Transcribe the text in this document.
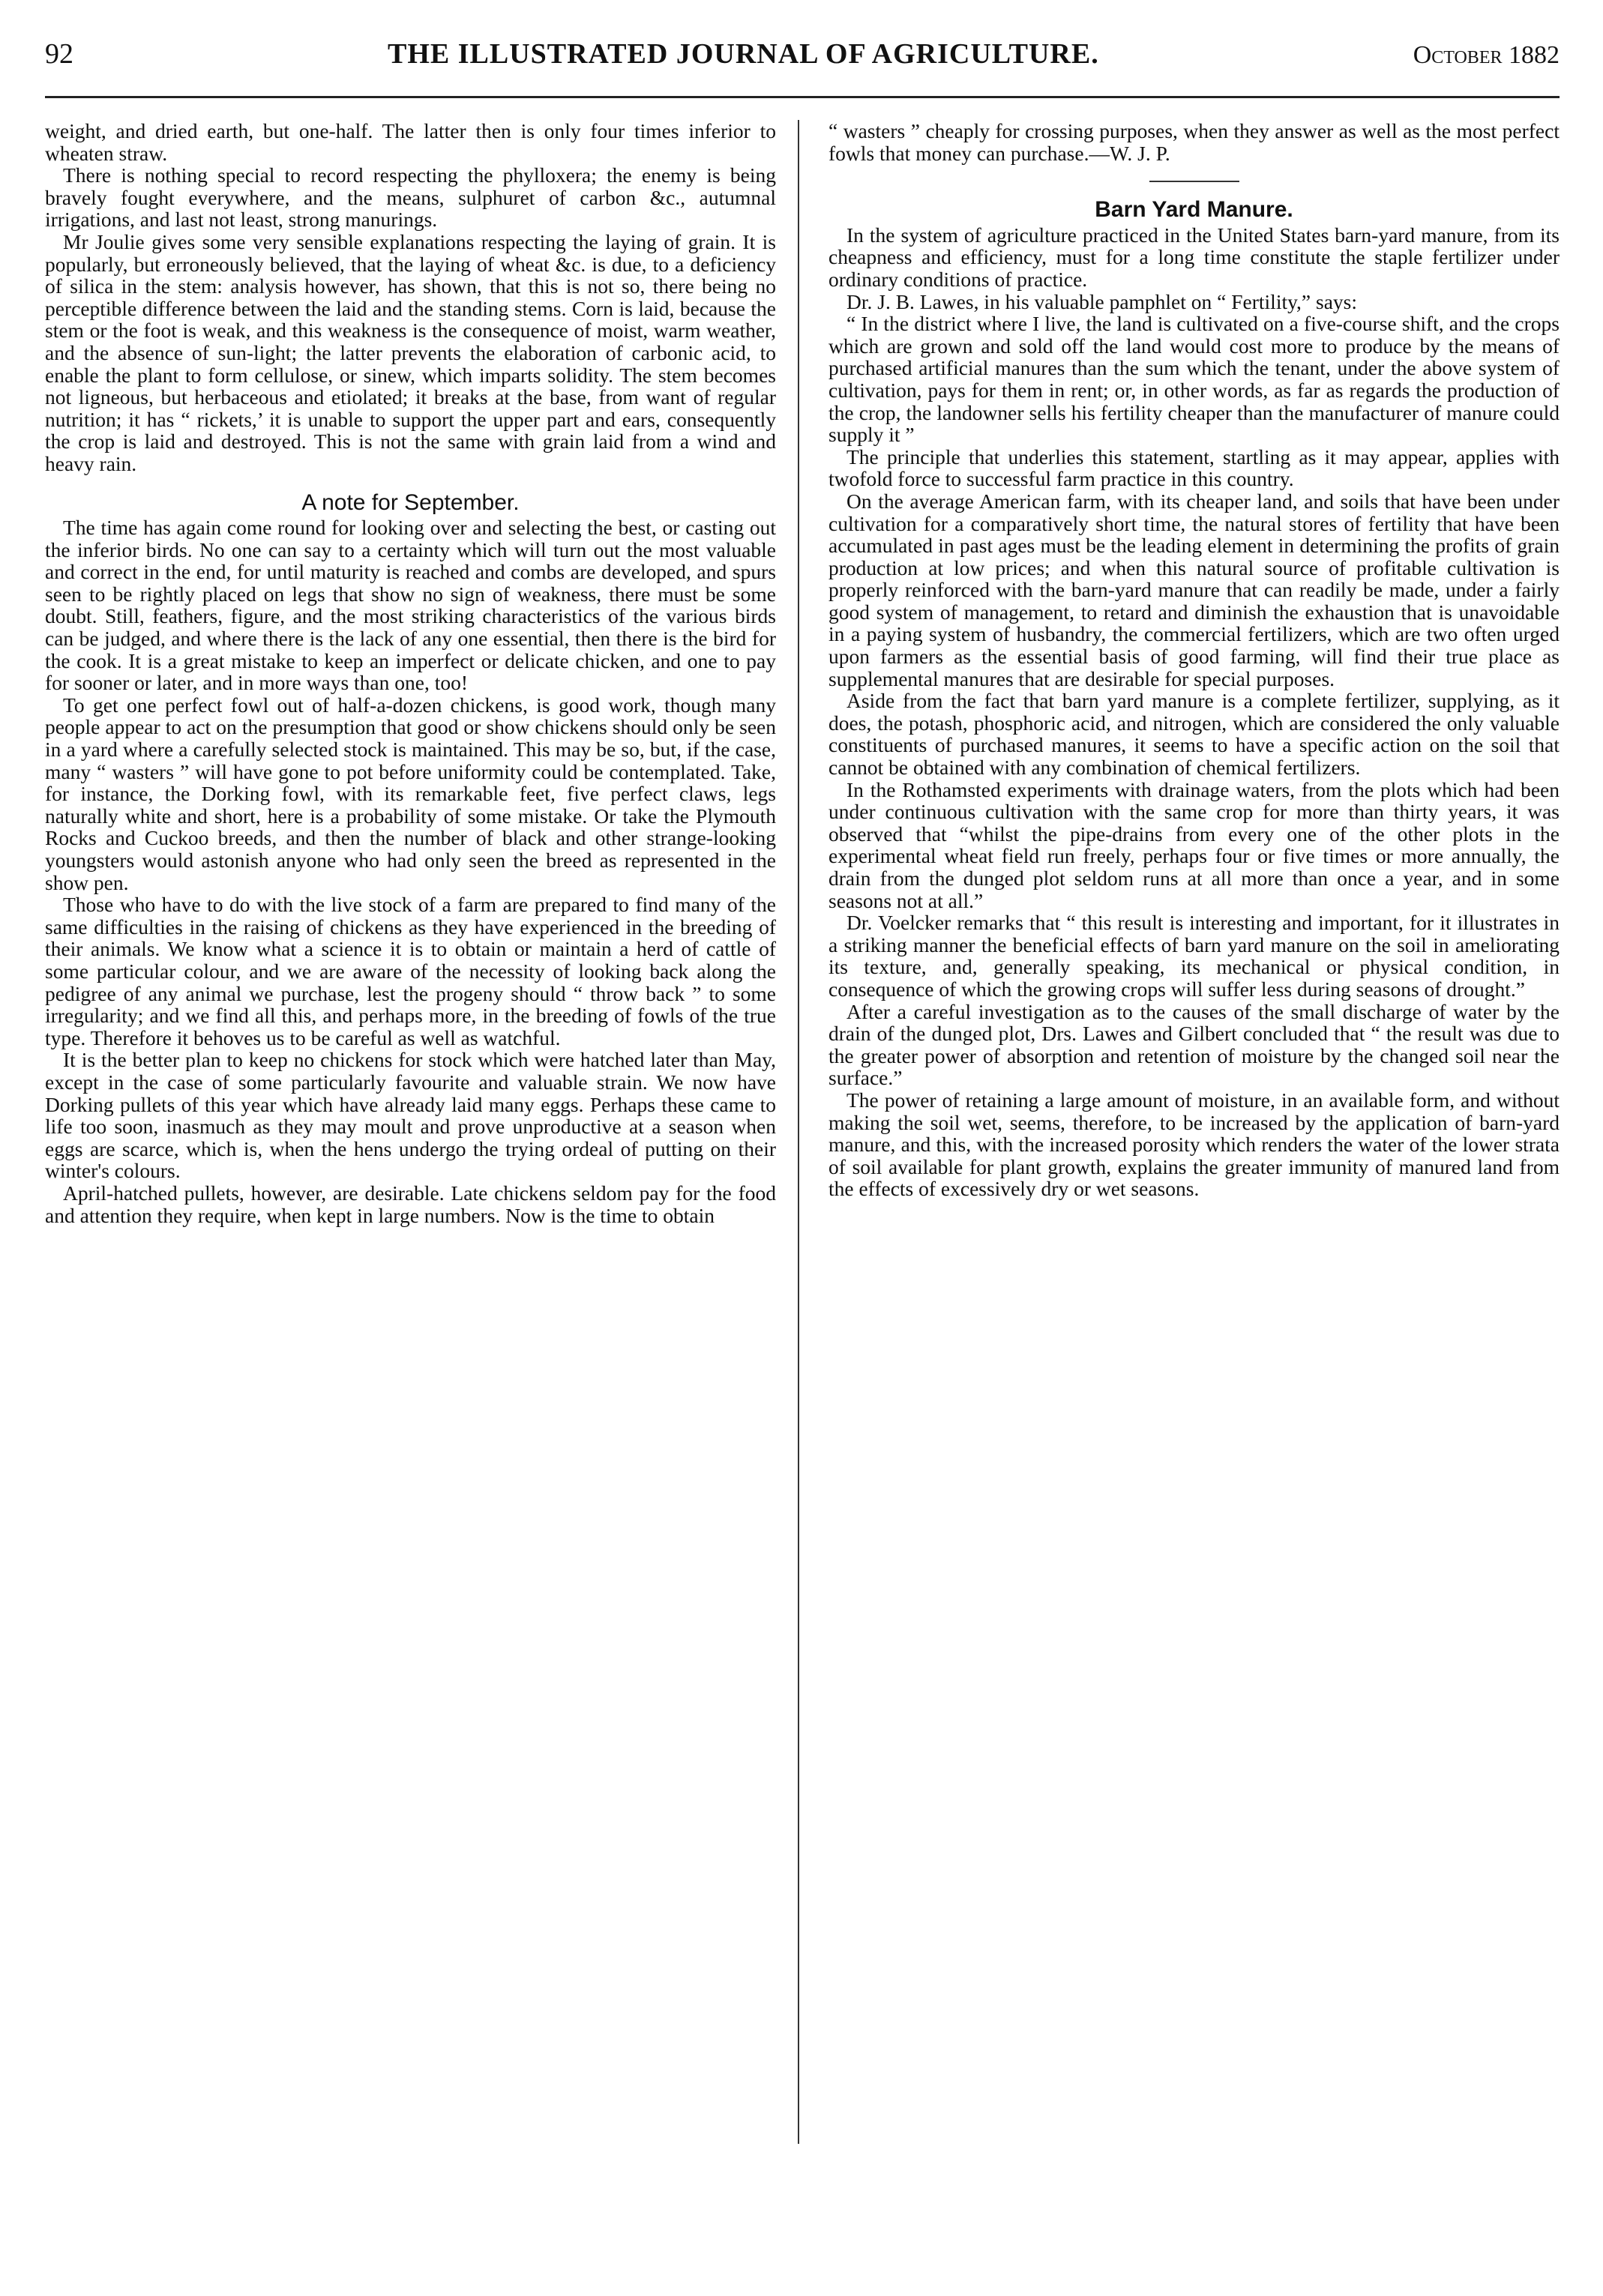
92	THE ILLUSTRATED JOURNAL OF AGRICULTURE.	October 1882

weight, and dried earth, but one-half. The latter then is only four times inferior to wheaten straw.

There is nothing special to record respecting the phylloxera; the enemy is being bravely fought everywhere, and the means, sulphuret of carbon &c., autumnal irrigations, and last not least, strong manurings.

Mr Joulie gives some very sensible explanations respecting the laying of grain. It is popularly, but erroneously believed, that the laying of wheat &c. is due, to a deficiency of silica in the stem: analysis however, has shown, that this is not so, there being no perceptible difference between the laid and the standing stems. Corn is laid, because the stem or the foot is weak, and this weakness is the consequence of moist, warm weather, and the absence of sun-light; the latter prevents the elaboration of carbonic acid, to enable the plant to form cellulose, or sinew, which imparts solidity. The stem becomes not ligneous, but herbaceous and etiolated; it breaks at the base, from want of regular nutrition; it has “ rickets,’ it is unable to support the upper part and ears, consequently the crop is laid and destroyed. This is not the same with grain laid from a wind and heavy rain.

A note for September.

The time has again come round for looking over and selecting the best, or casting out the inferior birds. No one can say to a certainty which will turn out the most valuable and correct in the end, for until maturity is reached and combs are developed, and spurs seen to be rightly placed on legs that show no sign of weakness, there must be some doubt. Still, feathers, figure, and the most striking characteristics of the various birds can be judged, and where there is the lack of any one essential, then there is the bird for the cook. It is a great mistake to keep an imperfect or delicate chicken, and one to pay for sooner or later, and in more ways than one, too!

To get one perfect fowl out of half-a-dozen chickens, is good work, though many people appear to act on the presumption that good or show chickens should only be seen in a yard where a carefully selected stock is maintained. This may be so, but, if the case, many “ wasters ” will have gone to pot before uniformity could be contemplated. Take, for instance, the Dorking fowl, with its remarkable feet, five perfect claws, legs naturally white and short, here is a probability of some mistake. Or take the Plymouth Rocks and Cuckoo breeds, and then the number of black and other strange-looking youngsters would astonish anyone who had only seen the breed as represented in the show pen.

Those who have to do with the live stock of a farm are prepared to find many of the same difficulties in the raising of chickens as they have experienced in the breeding of their animals. We know what a science it is to obtain or maintain a herd of cattle of some particular colour, and we are aware of the necessity of looking back along the pedigree of any animal we purchase, lest the progeny should “ throw back ” to some irregularity; and we find all this, and perhaps more, in the breeding of fowls of the true type. Therefore it behoves us to be careful as well as watchful.

It is the better plan to keep no chickens for stock which were hatched later than May, except in the case of some particularly favourite and valuable strain. We now have Dorking pullets of this year which have already laid many eggs. Perhaps these came to life too soon, inasmuch as they may moult and prove unproductive at a season when eggs are scarce, which is, when the hens undergo the trying ordeal of putting on their winter's colours.

April-hatched pullets, however, are desirable. Late chickens seldom pay for the food and attention they require, when kept in large numbers. Now is the time to obtain

“ wasters ” cheaply for crossing purposes, when they answer as well as the most perfect fowls that money can purchase.—W. J. P.

Barn Yard Manure.

In the system of agriculture practiced in the United States barn-yard manure, from its cheapness and efficiency, must for a long time constitute the staple fertilizer under ordinary conditions of practice.

Dr. J. B. Lawes, in his valuable pamphlet on “ Fertility,” says:

“ In the district where I live, the land is cultivated on a five-course shift, and the crops which are grown and sold off the land would cost more to produce by the means of purchased artificial manures than the sum which the tenant, under the above system of cultivation, pays for them in rent; or, in other words, as far as regards the production of the crop, the landowner sells his fertility cheaper than the manufacturer of manure could supply it ”

The principle that underlies this statement, startling as it may appear, applies with twofold force to successful farm practice in this country.

On the average American farm, with its cheaper land, and soils that have been under cultivation for a comparatively short time, the natural stores of fertility that have been accumulated in past ages must be the leading element in determining the profits of grain production at low prices; and when this natural source of profitable cultivation is properly reinforced with the barn-yard manure that can readily be made, under a fairly good system of management, to retard and diminish the exhaustion that is unavoidable in a paying system of husbandry, the commercial fertilizers, which are two often urged upon farmers as the essential basis of good farming, will find their true place as supplemental manures that are desirable for special purposes.

Aside from the fact that barn yard manure is a complete fertilizer, supplying, as it does, the potash, phosphoric acid, and nitrogen, which are considered the only valuable constituents of purchased manures, it seems to have a specific action on the soil that cannot be obtained with any combination of chemical fertilizers.

In the Rothamsted experiments with drainage waters, from the plots which had been under continuous cultivation with the same crop for more than thirty years, it was observed that “whilst the pipe-drains from every one of the other plots in the experimental wheat field run freely, perhaps four or five times or more annually, the drain from the dunged plot seldom runs at all more than once a year, and in some seasons not at all.”

Dr. Voelcker remarks that “ this result is interesting and important, for it illustrates in a striking manner the beneficial effects of barn yard manure on the soil in ameliorating its texture, and, generally speaking, its mechanical or physical condition, in consequence of which the growing crops will suffer less during seasons of drought.”

After a careful investigation as to the causes of the small discharge of water by the drain of the dunged plot, Drs. Lawes and Gilbert concluded that “ the result was due to the greater power of absorption and retention of moisture by the changed soil near the surface.”

The power of retaining a large amount of moisture, in an available form, and without making the soil wet, seems, therefore, to be increased by the application of barn-yard manure, and this, with the increased porosity which renders the water of the lower strata of soil available for plant growth, explains the greater immunity of manured land from the effects of excessively dry or wet seasons.
